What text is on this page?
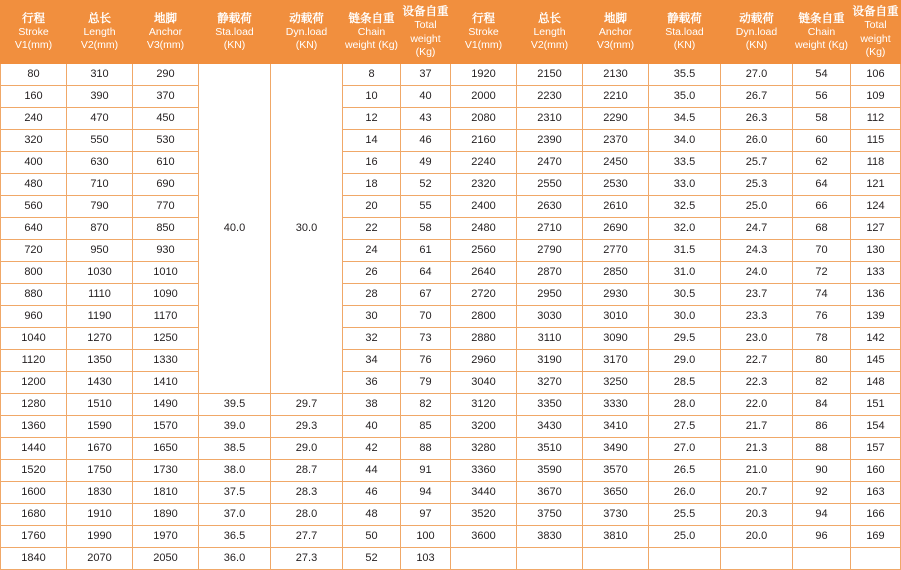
行程
Stroke
V1(mm)	总长
Length
V2(mm)	地脚
Anchor
V3(mm)	静载荷
Sta.load
(KN)	动载荷
Dyn.load
(KN)	链条自重
Chain
weight (Kg)	设备自重
Total
weight (Kg)	行程
Stroke
V1(mm)	总长
Length
V2(mm)	地脚
Anchor
V3(mm)	静载荷
Sta.load
(KN)	动载荷
Dyn.load
(KN)	链条自重
Chain
weight (Kg)	设备自重
Total
weight (Kg)

80	310	290	40.0	30.0	8	37	1920	2150	2130	35.5	27.0	54	106
160	390	370			10	40	2000	2230	2210	35.0	26.7	56	109
240	470	450			12	43	2080	2310	2290	34.5	26.3	58	112
320	550	530			14	46	2160	2390	2370	34.0	26.0	60	115
400	630	610			16	49	2240	2470	2450	33.5	25.7	62	118
480	710	690			18	52	2320	2550	2530	33.0	25.3	64	121
560	790	770			20	55	2400	2630	2610	32.5	25.0	66	124
640	870	850			22	58	2480	2710	2690	32.0	24.7	68	127
720	950	930			24	61	2560	2790	2770	31.5	24.3	70	130
800	1030	1010			26	64	2640	2870	2850	31.0	24.0	72	133
880	1110	1090			28	67	2720	2950	2930	30.5	23.7	74	136
960	1190	1170			30	70	2800	3030	3010	30.0	23.3	76	139
1040	1270	1250			32	73	2880	3110	3090	29.5	23.0	78	142
1120	1350	1330			34	76	2960	3190	3170	29.0	22.7	80	145
1200	1430	1410			36	79	3040	3270	3250	28.5	22.3	82	148
1280	1510	1490	39.5	29.7	38	82	3120	3350	3330	28.0	22.0	84	151
1360	1590	1570	39.0	29.3	40	85	3200	3430	3410	27.5	21.7	86	154
1440	1670	1650	38.5	29.0	42	88	3280	3510	3490	27.0	21.3	88	157
1520	1750	1730	38.0	28.7	44	91	3360	3590	3570	26.5	21.0	90	160
1600	1830	1810	37.5	28.3	46	94	3440	3670	3650	26.0	20.7	92	163
1680	1910	1890	37.0	28.0	48	97	3520	3750	3730	25.5	20.3	94	166
1760	1990	1970	36.5	27.7	50	100	3600	3830	3810	25.0	20.0	96	169
1840	2070	2050	36.0	27.3	52	103							
